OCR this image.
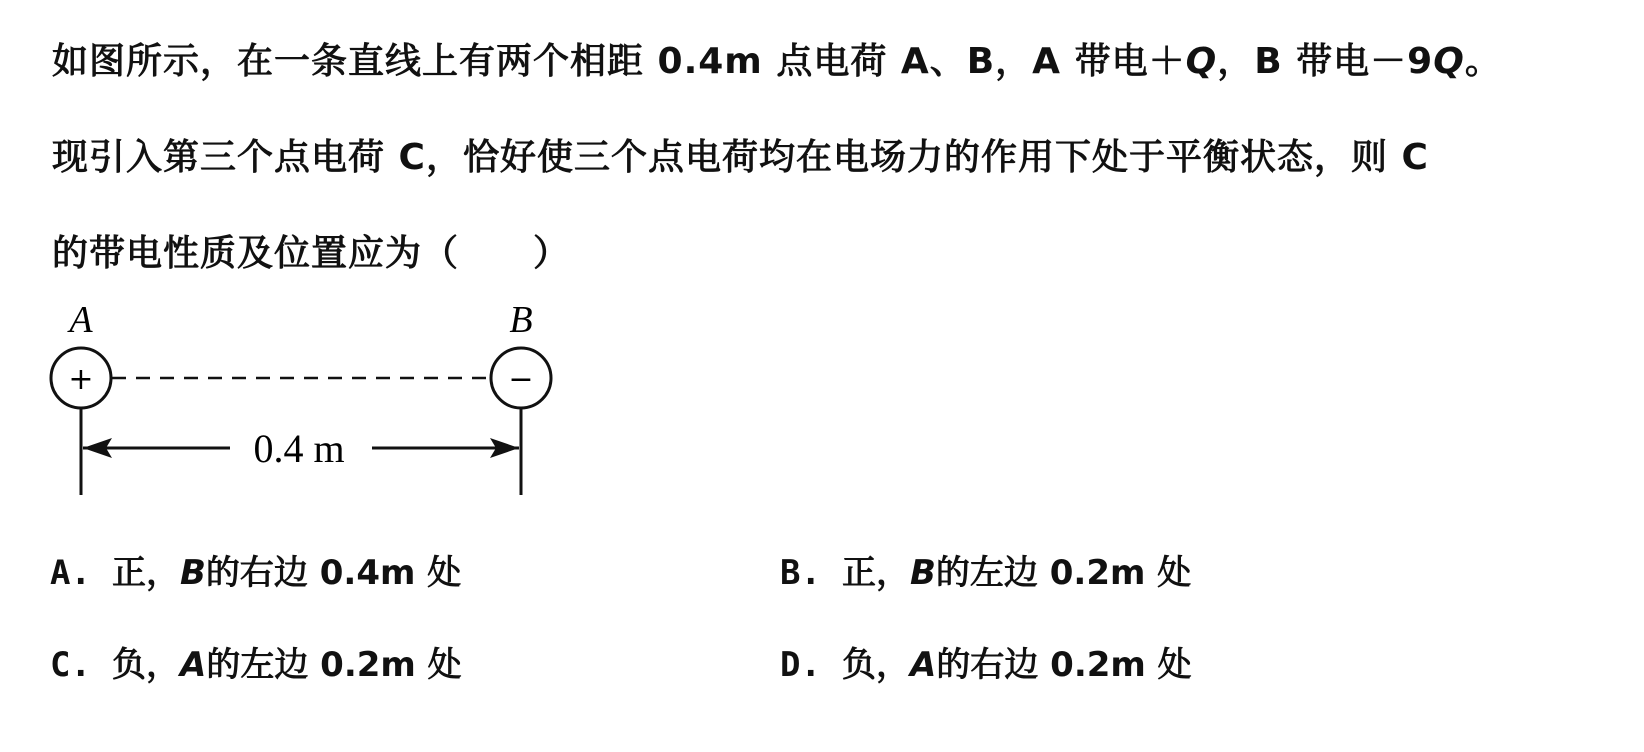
如图所示，在一条直线上有两个相距 0.4m 点电荷 A、B，A 带电＋Q，B 带电－9Q。
现引入第三个点电荷 C，恰好使三个点电荷均在电场力的作用下处于平衡状态，则 C
的带电性质及位置应为（　　）
A	B
+	−
0.4 m
A. 正，B的右边 0.4m 处	B. 正，B的左边 0.2m 处
C. 负，A的左边 0.2m 处	D. 负，A的右边 0.2m 处
